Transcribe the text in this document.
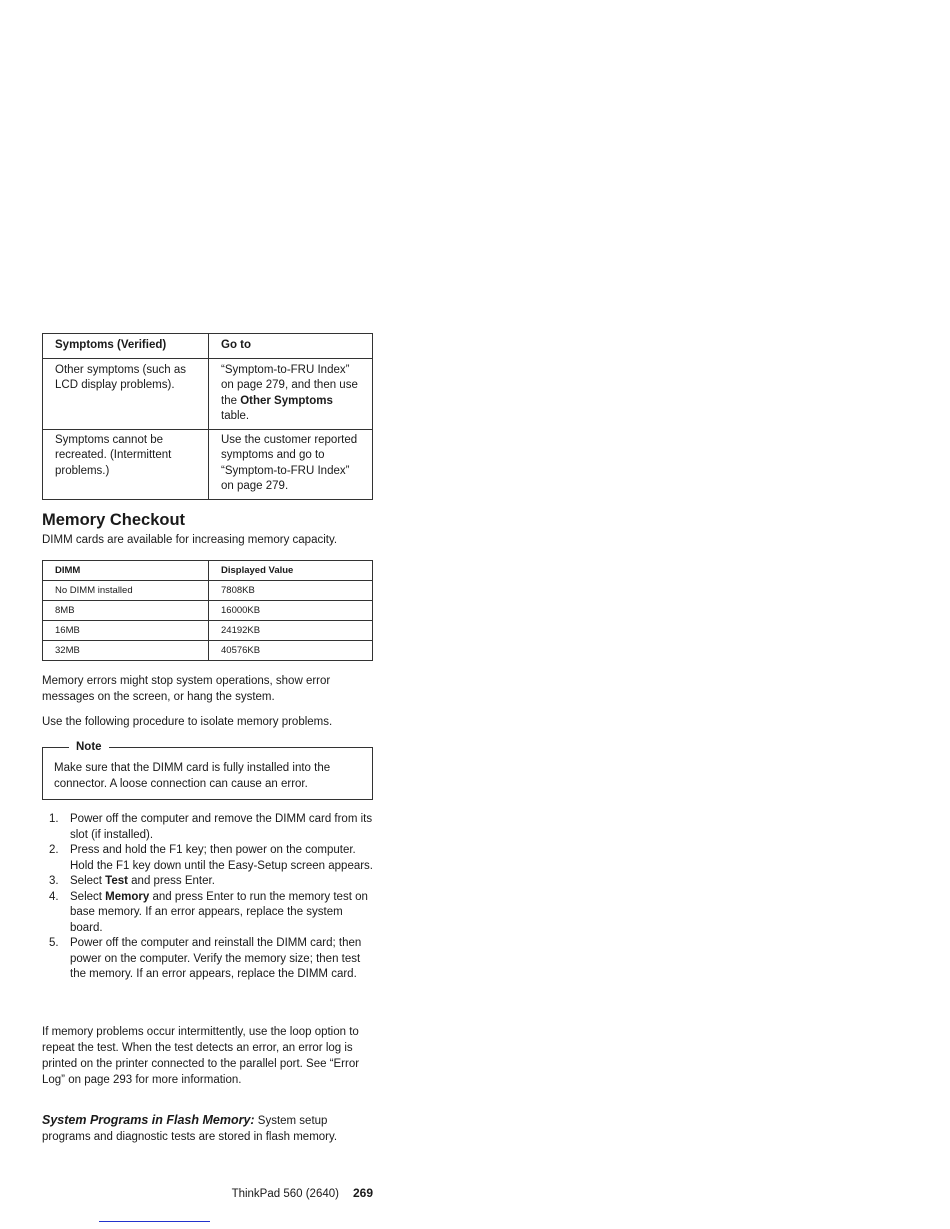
Symptoms (Verified)	Go to
Other symptoms (such as LCD display problems).	“Symptom-to-FRU Index” on page 279, and then use the Other Symptoms table.
Symptoms cannot be recreated. (Intermittent problems.)	Use the customer reported symptoms and go to “Symptom-to-FRU Index” on page 279.
Memory Checkout

DIMM cards are available for increasing memory capacity.

DIMM	Displayed Value
No DIMM installed	7808KB
8MB	16000KB
16MB	24192KB
32MB	40576KB

Memory errors might stop system operations, show error messages on the screen, or hang the system.

Use the following procedure to isolate memory problems.

Note

Make sure that the DIMM card is fully installed into the connector. A loose connection can cause an error.

1. Power off the computer and remove the DIMM card from its slot (if installed).
2. Press and hold the F1 key; then power on the computer. Hold the F1 key down until the Easy-Setup screen appears.
3. Select Test and press Enter.
4. Select Memory and press Enter to run the memory test on base memory. If an error appears, replace the system board.
5. Power off the computer and reinstall the DIMM card; then power on the computer. Verify the memory size; then test the memory. If an error appears, replace the DIMM card.

If memory problems occur intermittently, use the loop option to repeat the test. When the test detects an error, an error log is printed on the printer connected to the parallel port. See “Error Log” on page 293 for more information.

System Programs in Flash Memory: System setup programs and diagnostic tests are stored in flash memory.

ThinkPad 560 (2640) 269
